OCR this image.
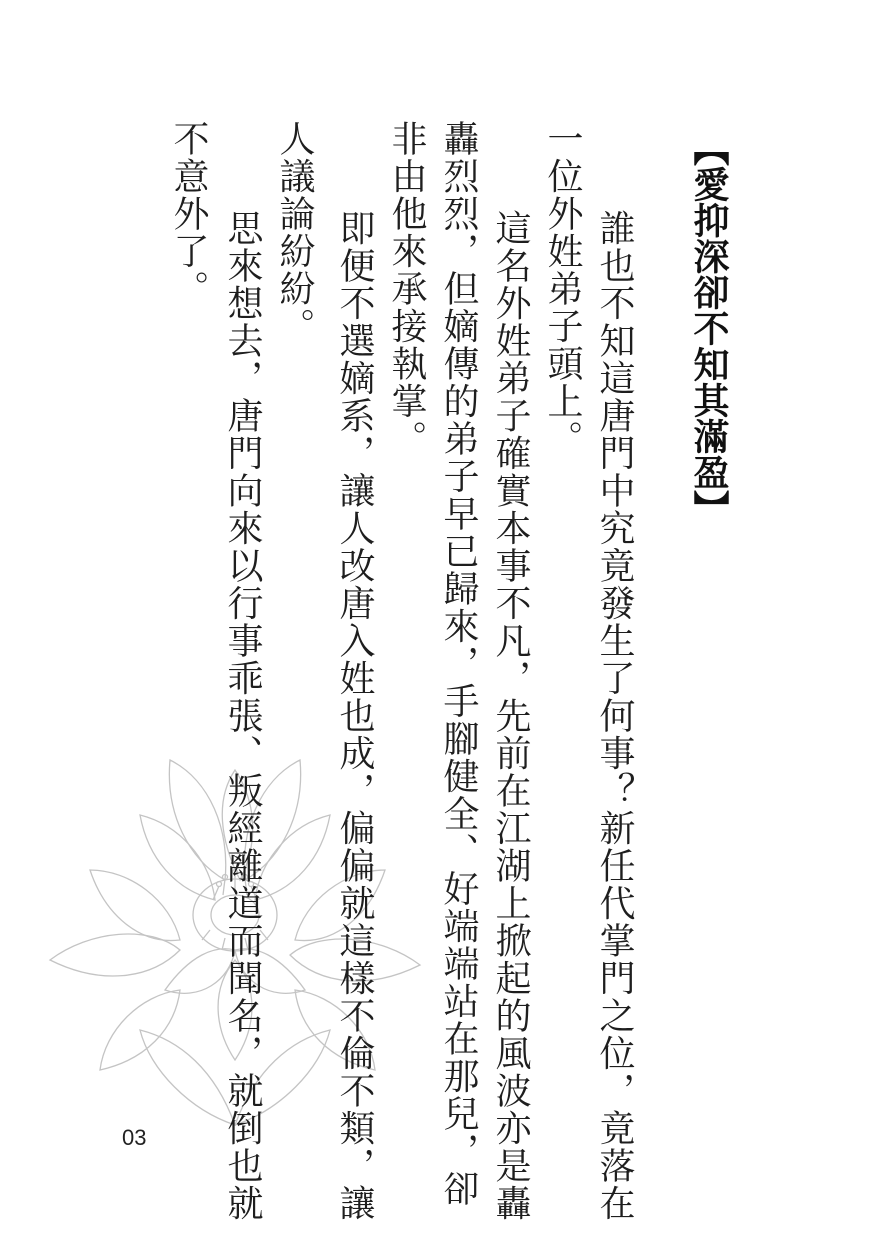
【愛抑深卻不知其滿盈】
　誰也不知這唐門中究竟發生了何事？新任代掌門之位，竟落在
一位外姓弟子頭上。
　這名外姓弟子確實本事不凡，先前在江湖上掀起的風波亦是轟
轟烈烈，但嫡傳的弟子早已歸來，手腳健全、好端端站在那兒，卻
非由他來承接執掌。
　即便不選嫡系，讓人改唐入姓也成，偏偏就這樣不倫不類，讓
人議論紛紛。
　思來想去，唐門向來以行事乖張、叛經離道而聞名，就倒也就
不意外了。
03
